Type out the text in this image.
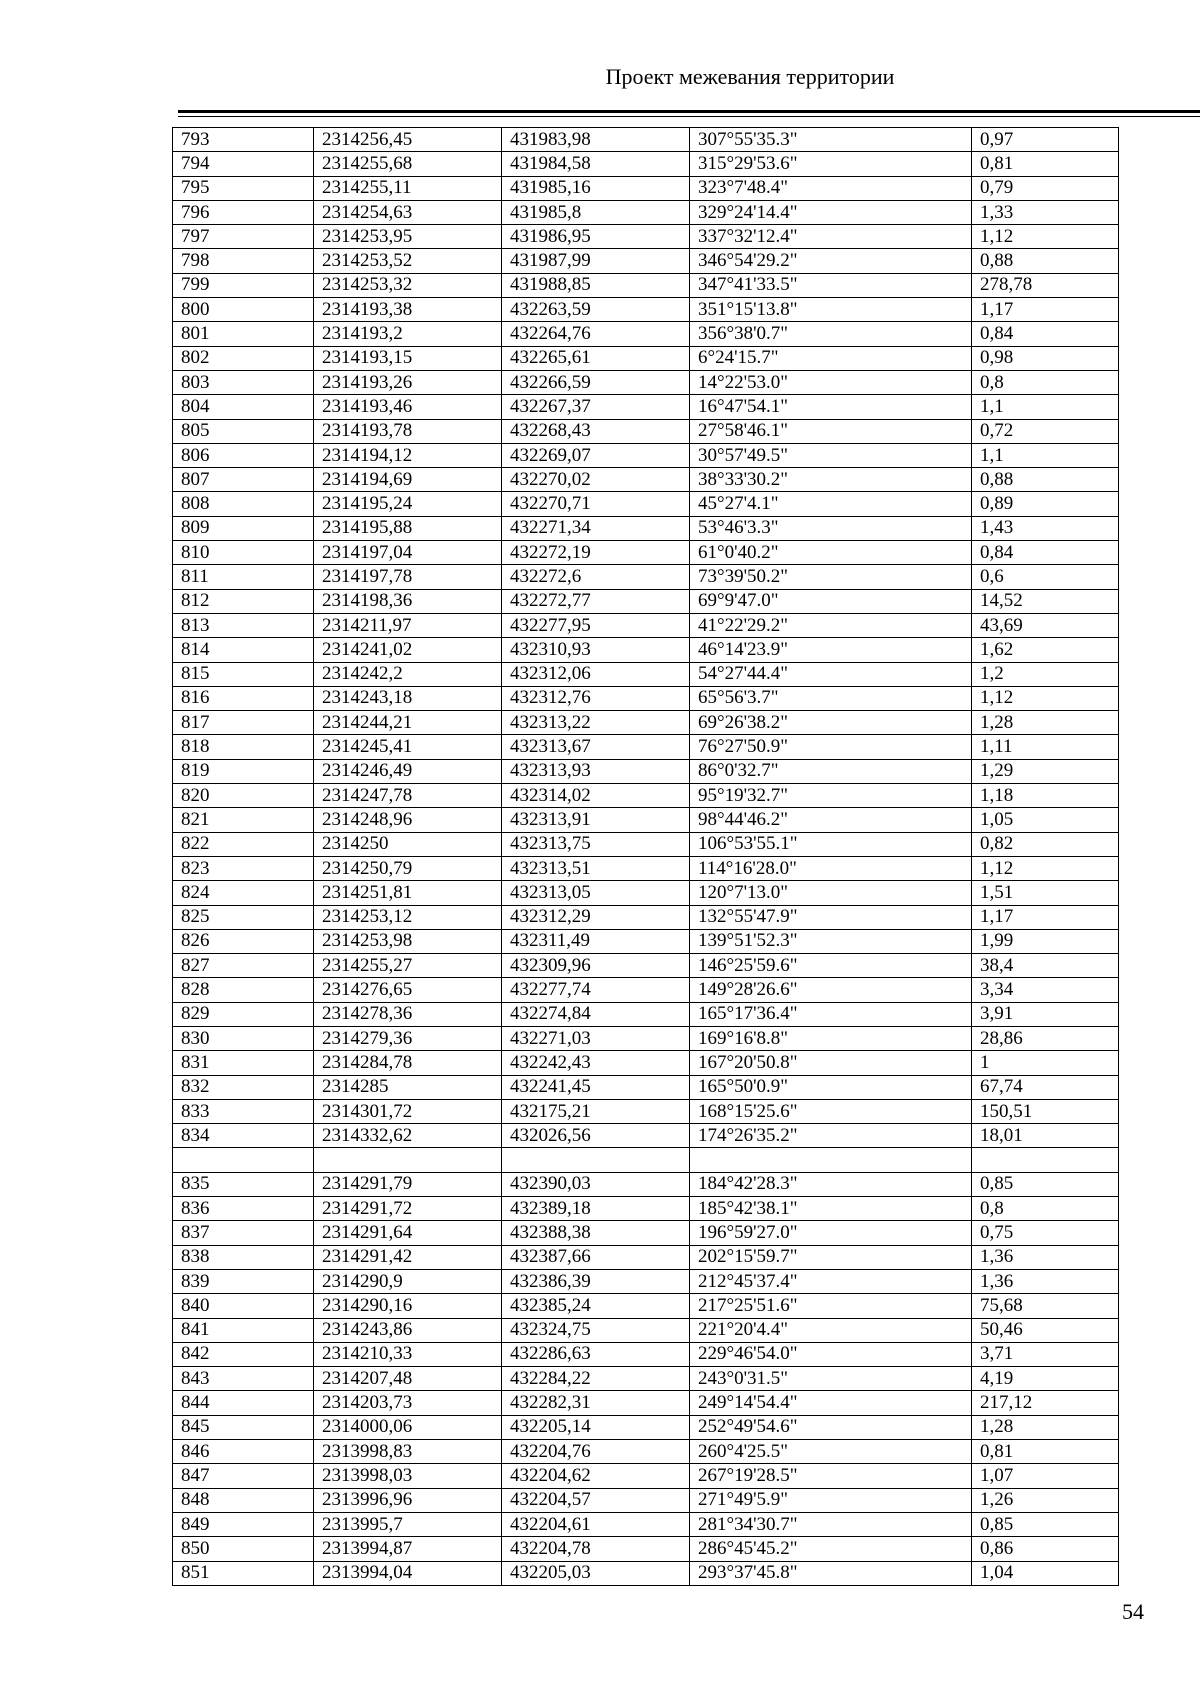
Проект межевания территории
793	2314256,45	431983,98	307°55'35.3"	0,97
794	2314255,68	431984,58	315°29'53.6"	0,81
795	2314255,11	431985,16	323°7'48.4"	0,79
796	2314254,63	431985,8	329°24'14.4"	1,33
797	2314253,95	431986,95	337°32'12.4"	1,12
798	2314253,52	431987,99	346°54'29.2"	0,88
799	2314253,32	431988,85	347°41'33.5"	278,78
800	2314193,38	432263,59	351°15'13.8"	1,17
801	2314193,2	432264,76	356°38'0.7"	0,84
802	2314193,15	432265,61	6°24'15.7"	0,98
803	2314193,26	432266,59	14°22'53.0"	0,8
804	2314193,46	432267,37	16°47'54.1"	1,1
805	2314193,78	432268,43	27°58'46.1"	0,72
806	2314194,12	432269,07	30°57'49.5"	1,1
807	2314194,69	432270,02	38°33'30.2"	0,88
808	2314195,24	432270,71	45°27'4.1"	0,89
809	2314195,88	432271,34	53°46'3.3"	1,43
810	2314197,04	432272,19	61°0'40.2"	0,84
811	2314197,78	432272,6	73°39'50.2"	0,6
812	2314198,36	432272,77	69°9'47.0"	14,52
813	2314211,97	432277,95	41°22'29.2"	43,69
814	2314241,02	432310,93	46°14'23.9"	1,62
815	2314242,2	432312,06	54°27'44.4"	1,2
816	2314243,18	432312,76	65°56'3.7"	1,12
817	2314244,21	432313,22	69°26'38.2"	1,28
818	2314245,41	432313,67	76°27'50.9"	1,11
819	2314246,49	432313,93	86°0'32.7"	1,29
820	2314247,78	432314,02	95°19'32.7"	1,18
821	2314248,96	432313,91	98°44'46.2"	1,05
822	2314250	432313,75	106°53'55.1"	0,82
823	2314250,79	432313,51	114°16'28.0"	1,12
824	2314251,81	432313,05	120°7'13.0"	1,51
825	2314253,12	432312,29	132°55'47.9"	1,17
826	2314253,98	432311,49	139°51'52.3"	1,99
827	2314255,27	432309,96	146°25'59.6"	38,4
828	2314276,65	432277,74	149°28'26.6"	3,34
829	2314278,36	432274,84	165°17'36.4"	3,91
830	2314279,36	432271,03	169°16'8.8"	28,86
831	2314284,78	432242,43	167°20'50.8"	1
832	2314285	432241,45	165°50'0.9"	67,74
833	2314301,72	432175,21	168°15'25.6"	150,51
834	2314332,62	432026,56	174°26'35.2"	18,01

835	2314291,79	432390,03	184°42'28.3"	0,85
836	2314291,72	432389,18	185°42'38.1"	0,8
837	2314291,64	432388,38	196°59'27.0"	0,75
838	2314291,42	432387,66	202°15'59.7"	1,36
839	2314290,9	432386,39	212°45'37.4"	1,36
840	2314290,16	432385,24	217°25'51.6"	75,68
841	2314243,86	432324,75	221°20'4.4"	50,46
842	2314210,33	432286,63	229°46'54.0"	3,71
843	2314207,48	432284,22	243°0'31.5"	4,19
844	2314203,73	432282,31	249°14'54.4"	217,12
845	2314000,06	432205,14	252°49'54.6"	1,28
846	2313998,83	432204,76	260°4'25.5"	0,81
847	2313998,03	432204,62	267°19'28.5"	1,07
848	2313996,96	432204,57	271°49'5.9"	1,26
849	2313995,7	432204,61	281°34'30.7"	0,85
850	2313994,87	432204,78	286°45'45.2"	0,86
851	2313994,04	432205,03	293°37'45.8"	1,04
54
